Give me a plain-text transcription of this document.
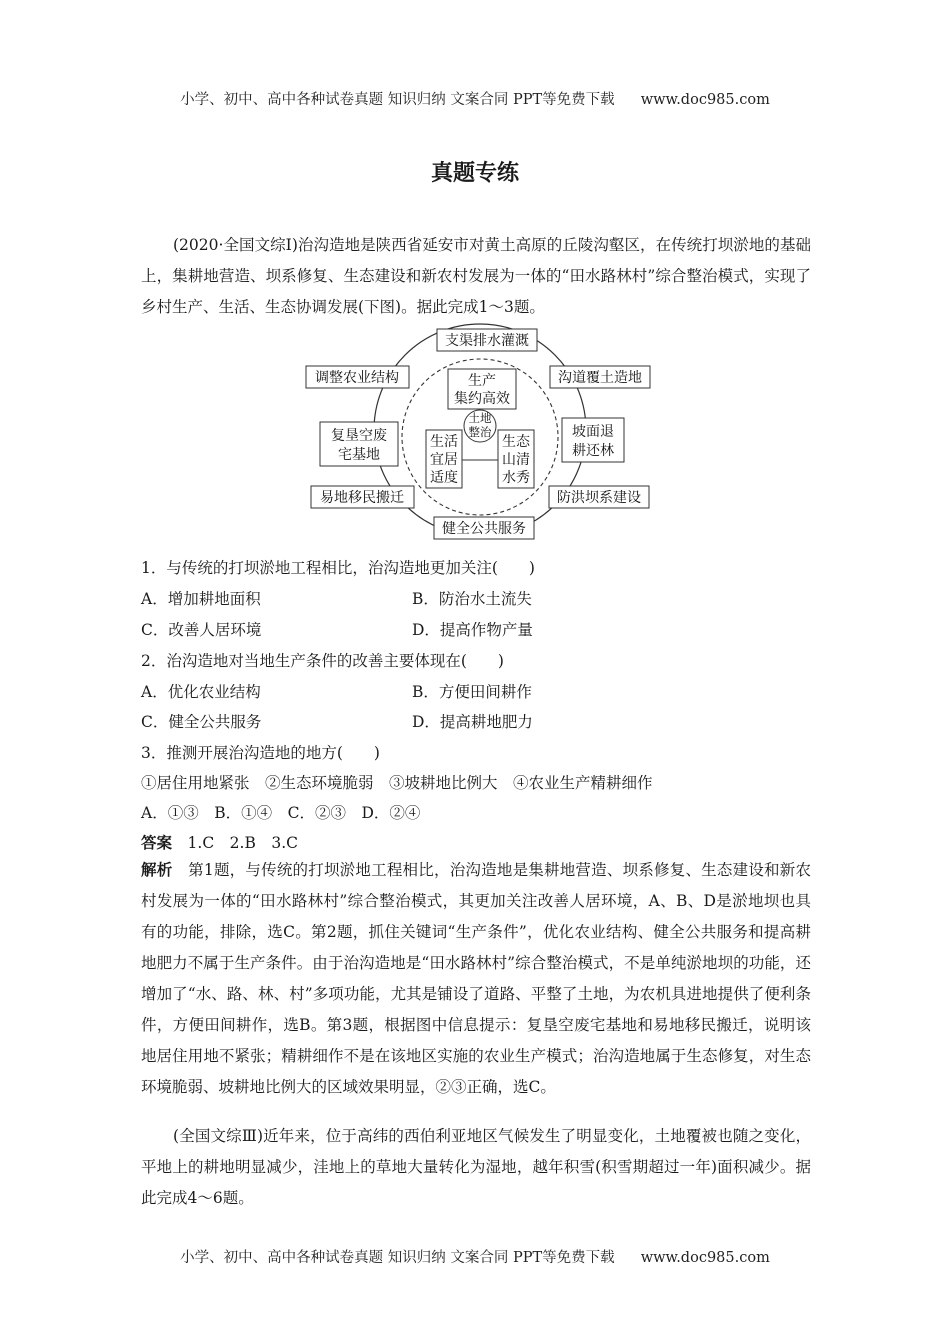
小学、初中、高中各种试卷真题 知识归纳 文案合同 PPT等免费下载 www.doc985.com
真题专练

(2020·全国文综Ⅰ)治沟造地是陕西省延安市对黄土高原的丘陵沟壑区，在传统打坝淤地的基础上，集耕地营造、坝系修复、生态建设和新农村发展为一体的“田水路林村”综合整治模式，实现了乡村生产、生活、生态协调发展(下图)。据此完成1～3题。

支渠排水灌溉
调整农业结构	沟道覆土造地
复垦空废
宅基地
坡面退
耕还林
易地移民搬迁	防洪坝系建设
健全公共服务
生产
集约高效
土地
整治
生活
宜居
适度
生态
山清
水秀
1．与传统的打坝淤地工程相比，治沟造地更加关注(　　)
A．增加耕地面积	B．防治水土流失
C．改善人居环境	D．提高作物产量
2．治沟造地对当地生产条件的改善主要体现在(　　)
A．优化农业结构	B．方便田间耕作
C．健全公共服务	D．提高耕地肥力
3．推测开展治沟造地的地方(　　)
①居住用地紧张　②生态环境脆弱　③坡耕地比例大　④农业生产精耕细作
A．①③　B．①④　C．②③　D．②④
答案　 1.C　2.B　3.C

解析　 第1题，与传统的打坝淤地工程相比，治沟造地是集耕地营造、坝系修复、生态建设和新农村发展为一体的“田水路林村”综合整治模式，其更加关注改善人居环境，A、B、D是淤地坝也具有的功能，排除，选C。第2题，抓住关键词“生产条件”，优化农业结构、健全公共服务和提高耕地肥力不属于生产条件。由于治沟造地是“田水路林村”综合整治模式，不是单纯淤地坝的功能，还增加了“水、路、林、村”多项功能，尤其是铺设了道路、平整了土地，为农机具进地提供了便利条件，方便田间耕作，选B。第3题，根据图中信息提示：复垦空废宅基地和易地移民搬迁，说明该地居住用地不紧张；精耕细作不是在该地区实施的农业生产模式；治沟造地属于生态修复，对生态环境脆弱、坡耕地比例大的区域效果明显，②③正确，选C。

(全国文综Ⅲ)近年来，位于高纬的西伯利亚地区气候发生了明显变化，土地覆被也随之变化，平地上的耕地明显减少，洼地上的草地大量转化为湿地，越年积雪(积雪期超过一年)面积减少。据此完成4～6题。

小学、初中、高中各种试卷真题 知识归纳 文案合同 PPT等免费下载 www.doc985.com
